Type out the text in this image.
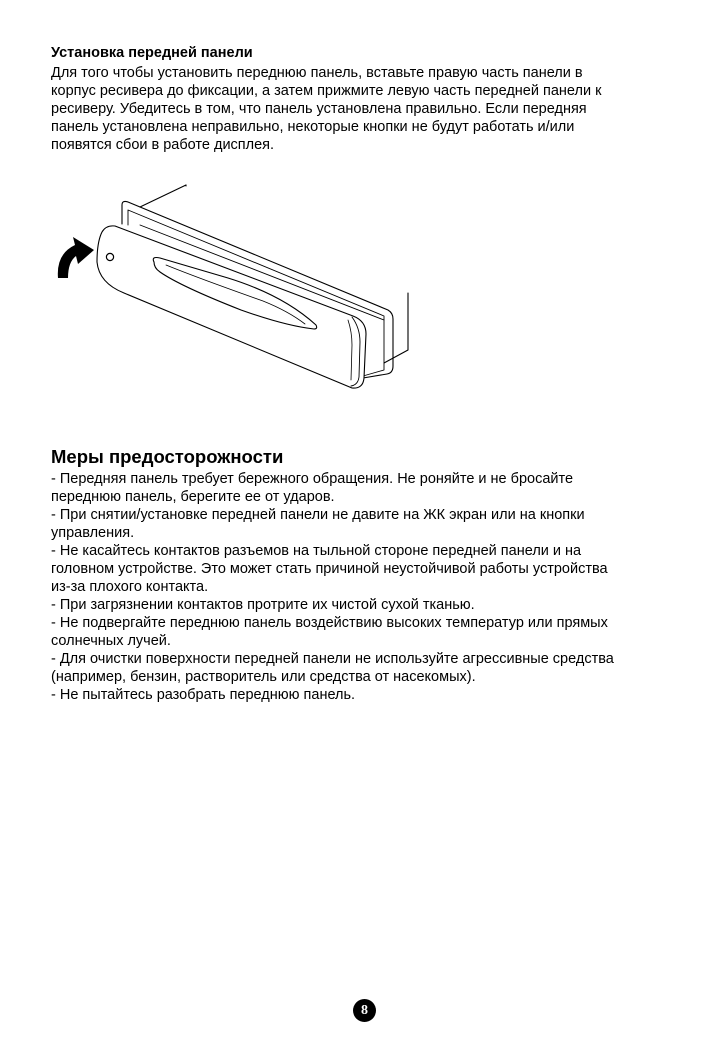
Установка передней панели

Для того чтобы установить переднюю панель, вставьте правую часть панели в
корпус ресивера до фиксации, а затем прижмите левую часть передней панели к
ресиверу. Убедитесь в том, что панель установлена правильно. Если передняя
панель установлена неправильно, некоторые кнопки не будут работать и/или
появятся сбои в работе дисплея.

Меры предосторожности
- Передняя панель требует бережного обращения. Не роняйте и не бросайте
переднюю панель, берегите ее от ударов.
- При снятии/установке передней панели не давите на ЖК экран или на кнопки
управления.
- Не касайтесь контактов разъемов на тыльной стороне передней панели и на
головном устройстве. Это может стать причиной неустойчивой работы устройства
из-за плохого контакта.
- При загрязнении контактов протрите их чистой сухой тканью.
- Не подвергайте переднюю панель воздействию высоких температур или прямых
солнечных лучей.
- Для очистки поверхности передней панели не используйте агрессивные средства
(например, бензин, растворитель или средства от насекомых).
- Не пытайтесь разобрать переднюю панель.
8
